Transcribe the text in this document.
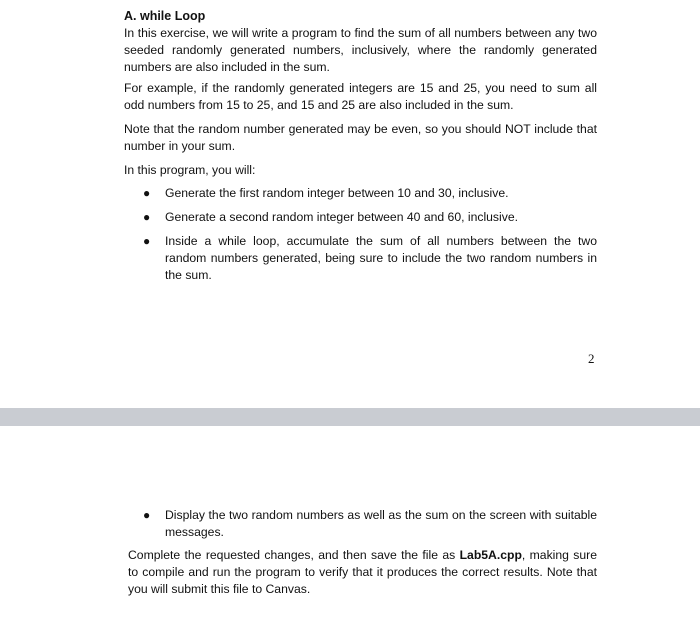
A. while Loop

In this exercise, we will write a program to find the sum of all numbers between any two seeded randomly generated numbers, inclusively, where the randomly generated numbers are also included in the sum.

For example, if the randomly generated integers are 15 and 25, you need to sum all odd numbers from 15 to 25, and 15 and 25 are also included in the sum.

Note that the random number generated may be even, so you should NOT include that number in your sum.

In this program, you will:

● Generate the first random integer between 10 and 30, inclusive.
● Generate a second random integer between 40 and 60, inclusive.
● Inside a while loop, accumulate the sum of all numbers between the two random numbers generated, being sure to include the two random numbers in the sum.
2
● Display the two random numbers as well as the sum on the screen with suitable messages.

Complete the requested changes, and then save the file as Lab5A.cpp, making sure to compile and run the program to verify that it produces the correct results. Note that you will submit this file to Canvas.
